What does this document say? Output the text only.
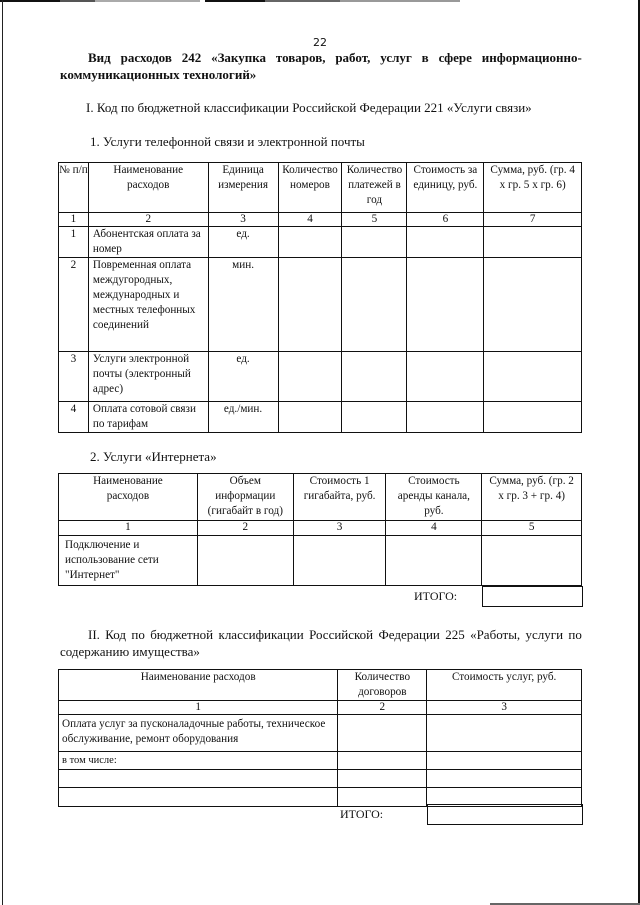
22
Вид расходов 242 «Закупка товаров, работ, услуг в сфере информационно-
коммуникационных технологий»
I. Код по бюджетной классификации Российской Федерации 221 «Услуги связи»
1. Услуги телефонной связи и электронной почты
№ п/п	Наименование расходов	Единица измерения	Количество номеров	Количество платежей в год	Стоимость за единицу, руб.	Сумма, руб. (гр. 4 х гр. 5 х гр. 6)
1	2	3	4	5	6	7
1	Абонентская оплата за номер	ед.				
2	Повременная оплата междугородных, международных и местных телефонных соединений	мин.				
3	Услуги электронной почты (электронный адрес)	ед.				
4	Оплата сотовой связи по тарифам	ед./мин.				
2. Услуги «Интернета»
Наименование расходов	Объем информации (гигабайт в год)	Стоимость 1 гигабайта, руб.	Стоимость аренды канала, руб.	Сумма, руб. (гр. 2 х гр. 3 + гр. 4)
1	2	3	4	5
Подключение и использование сети "Интернет"				
ИТОГО:
II. Код по бюджетной классификации Российской Федерации 225 «Работы, услуги по
содержанию имущества»
Наименование расходов	Количество договоров	Стоимость услуг, руб.
1	2	3
Оплата услуг за пусконаладочные работы, техническое обслуживание, ремонт оборудования		
в том числе:		

ИТОГО:
